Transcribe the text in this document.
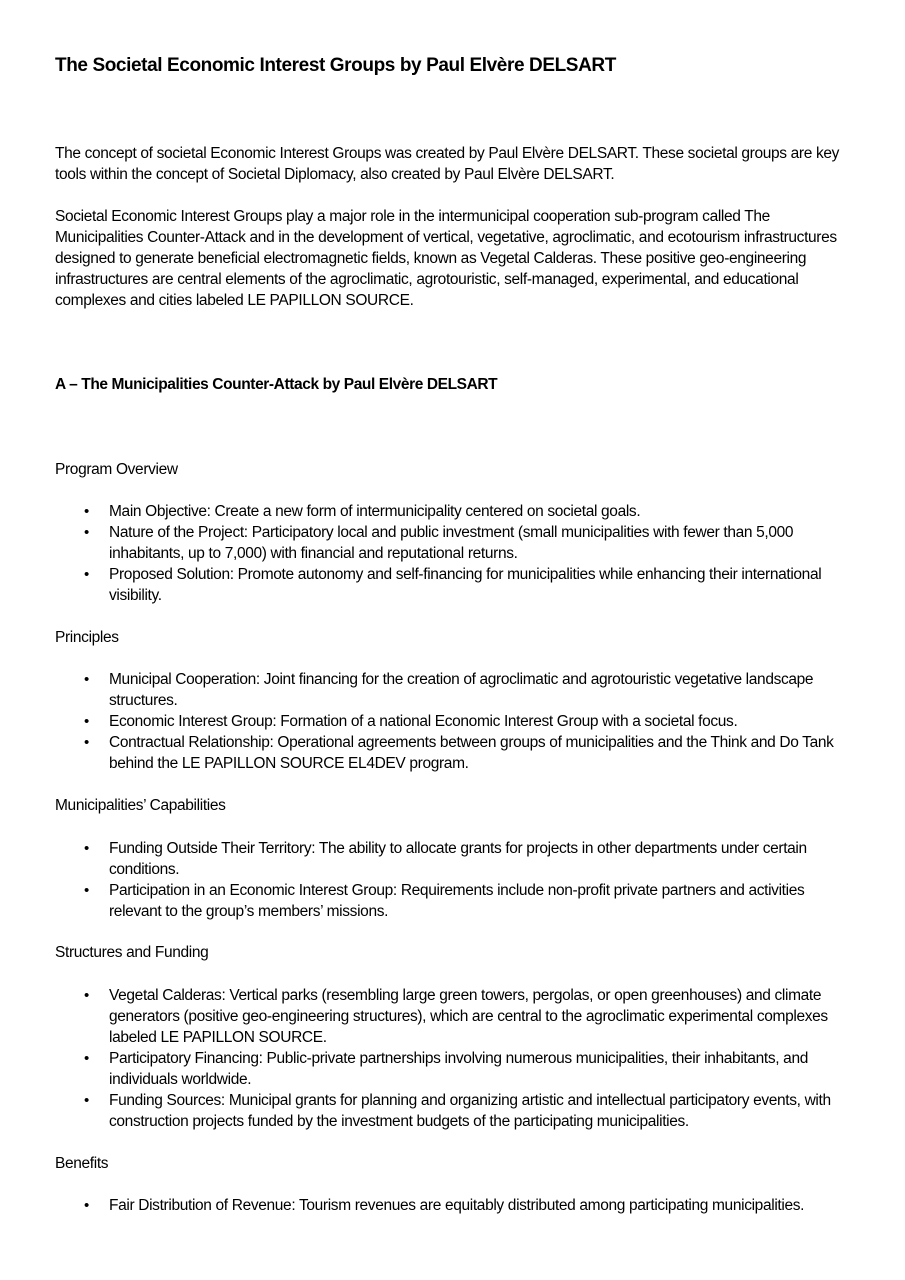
The Societal Economic Interest Groups by Paul Elvère DELSART

The concept of societal Economic Interest Groups was created by Paul Elvère DELSART. These societal groups are key tools within the concept of Societal Diplomacy, also created by Paul Elvère DELSART.

Societal Economic Interest Groups play a major role in the intermunicipal cooperation sub-program called The Municipalities Counter-Attack and in the development of vertical, vegetative, agroclimatic, and ecotourism infrastructures designed to generate beneficial electromagnetic fields, known as Vegetal Calderas. These positive geo-engineering infrastructures are central elements of the agroclimatic, agrotouristic, self-managed, experimental, and educational complexes and cities labeled LE PAPILLON SOURCE.

A – The Municipalities Counter-Attack by Paul Elvère DELSART

Program Overview

• Main Objective: Create a new form of intermunicipality centered on societal goals.
• Nature of the Project: Participatory local and public investment (small municipalities with fewer than 5,000 inhabitants, up to 7,000) with financial and reputational returns.
• Proposed Solution: Promote autonomy and self-financing for municipalities while enhancing their international visibility.

Principles

• Municipal Cooperation: Joint financing for the creation of agroclimatic and agrotouristic vegetative landscape structures.
• Economic Interest Group: Formation of a national Economic Interest Group with a societal focus.
• Contractual Relationship: Operational agreements between groups of municipalities and the Think and Do Tank behind the LE PAPILLON SOURCE EL4DEV program.

Municipalities’ Capabilities

• Funding Outside Their Territory: The ability to allocate grants for projects in other departments under certain conditions.
• Participation in an Economic Interest Group: Requirements include non-profit private partners and activities relevant to the group’s members’ missions.

Structures and Funding

• Vegetal Calderas: Vertical parks (resembling large green towers, pergolas, or open greenhouses) and climate generators (positive geo-engineering structures), which are central to the agroclimatic experimental complexes labeled LE PAPILLON SOURCE.
• Participatory Financing: Public-private partnerships involving numerous municipalities, their inhabitants, and individuals worldwide.
• Funding Sources: Municipal grants for planning and organizing artistic and intellectual participatory events, with construction projects funded by the investment budgets of the participating municipalities.

Benefits

• Fair Distribution of Revenue: Tourism revenues are equitably distributed among participating municipalities.
